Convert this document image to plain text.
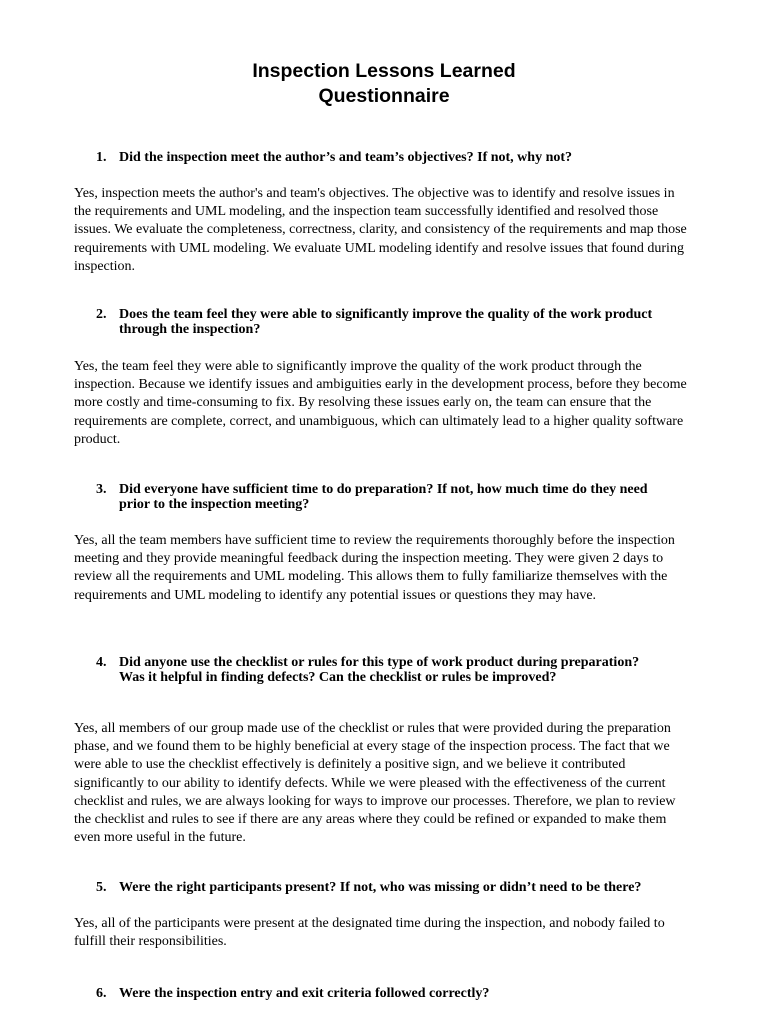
Inspection Lessons Learned
Questionnaire
1. Did the inspection meet the author’s and team’s objectives? If not, why not?
Yes, inspection meets the author's and team's objectives. The objective was to identify and resolve issues in the requirements and UML modeling, and the inspection team successfully identified and resolved those issues. We evaluate the completeness, correctness, clarity, and consistency of the requirements and map those requirements with UML modeling. We evaluate UML modeling identify and resolve issues that found during inspection.
2. Does the team feel they were able to significantly improve the quality of the work product through the inspection?
Yes, the team feel they were able to significantly improve the quality of the work product through the inspection. Because we identify issues and ambiguities early in the development process, before they become more costly and time-consuming to fix. By resolving these issues early on, the team can ensure that the requirements are complete, correct, and unambiguous, which can ultimately lead to a higher quality software product.
3. Did everyone have sufficient time to do preparation? If not, how much time do they need prior to the inspection meeting?
Yes, all the team members have sufficient time to review the requirements thoroughly before the inspection meeting and they provide meaningful feedback during the inspection meeting. They were given 2 days to review all the requirements and UML modeling. This allows them to fully familiarize themselves with the requirements and UML modeling to identify any potential issues or questions they may have.
4. Did anyone use the checklist or rules for this type of work product during preparation? Was it helpful in finding defects? Can the checklist or rules be improved?
Yes, all members of our group made use of the checklist or rules that were provided during the preparation phase, and we found them to be highly beneficial at every stage of the inspection process. The fact that we were able to use the checklist effectively is definitely a positive sign, and we believe it contributed significantly to our ability to identify defects. While we were pleased with the effectiveness of the current checklist and rules, we are always looking for ways to improve our processes. Therefore, we plan to review the checklist and rules to see if there are any areas where they could be refined or expanded to make them even more useful in the future.
5. Were the right participants present? If not, who was missing or didn’t need to be there?
Yes, all of the participants were present at the designated time during the inspection, and nobody failed to fulfill their responsibilities.
6. Were the inspection entry and exit criteria followed correctly?
